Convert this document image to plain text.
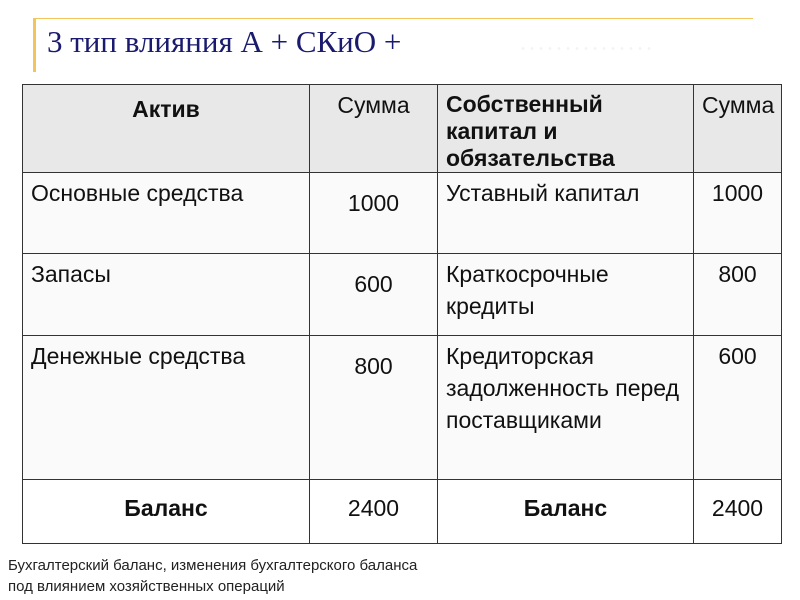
3 тип влияния А + СКиО +	...............
Актив	Сумма	Собственный капитал и обязательства	Сумма
Основные средства	1000	Уставный капитал	1000
Запасы	600	Краткосрочные кредиты	800
Денежные средства	800	Кредиторская задолженность перед поставщиками	600
Баланс	2400	Баланс	2400
Бухгалтерский баланс, изменения бухгалтерского баланса
под влиянием хозяйственных операций
